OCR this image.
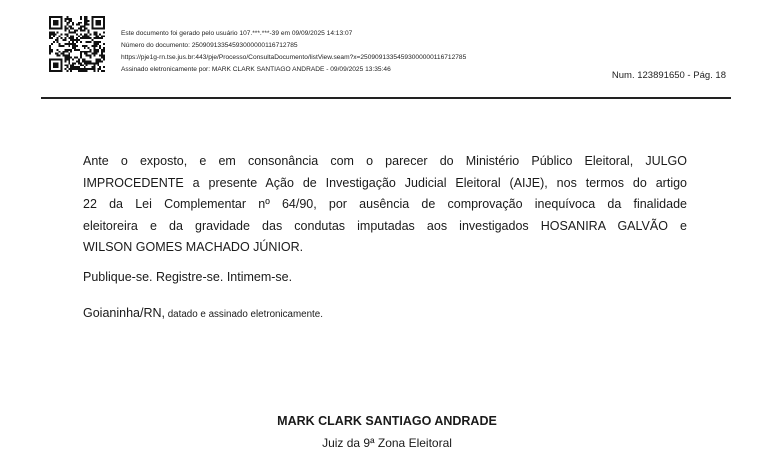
Este documento foi gerado pelo usuário 107.***.***-39 em 09/09/2025 14:13:07
Número do documento: 25090913354593000000116712785
https://pje1g-rn.tse.jus.br:443/pje/Processo/ConsultaDocumento/listView.seam?x=25090913354593000000116712785
Assinado eletronicamente por: MARK CLARK SANTIAGO ANDRADE - 09/09/2025 13:35:46
Num. 123891650 - Pág. 18
Ante o exposto, e em consonância com o parecer do Ministério Público Eleitoral, JULGO
IMPROCEDENTE a presente Ação de Investigação Judicial Eleitoral (AIJE), nos termos do artigo
22 da Lei Complementar nº 64/90, por ausência de comprovação inequívoca da finalidade
eleitoreira e da gravidade das condutas imputadas aos investigados HOSANIRA GALVÃO e
WILSON GOMES MACHADO JÚNIOR.
Publique-se. Registre-se. Intimem-se.
Goianinha/RN, datado e assinado eletronicamente.
MARK CLARK SANTIAGO ANDRADE
Juiz da 9ª Zona Eleitoral
